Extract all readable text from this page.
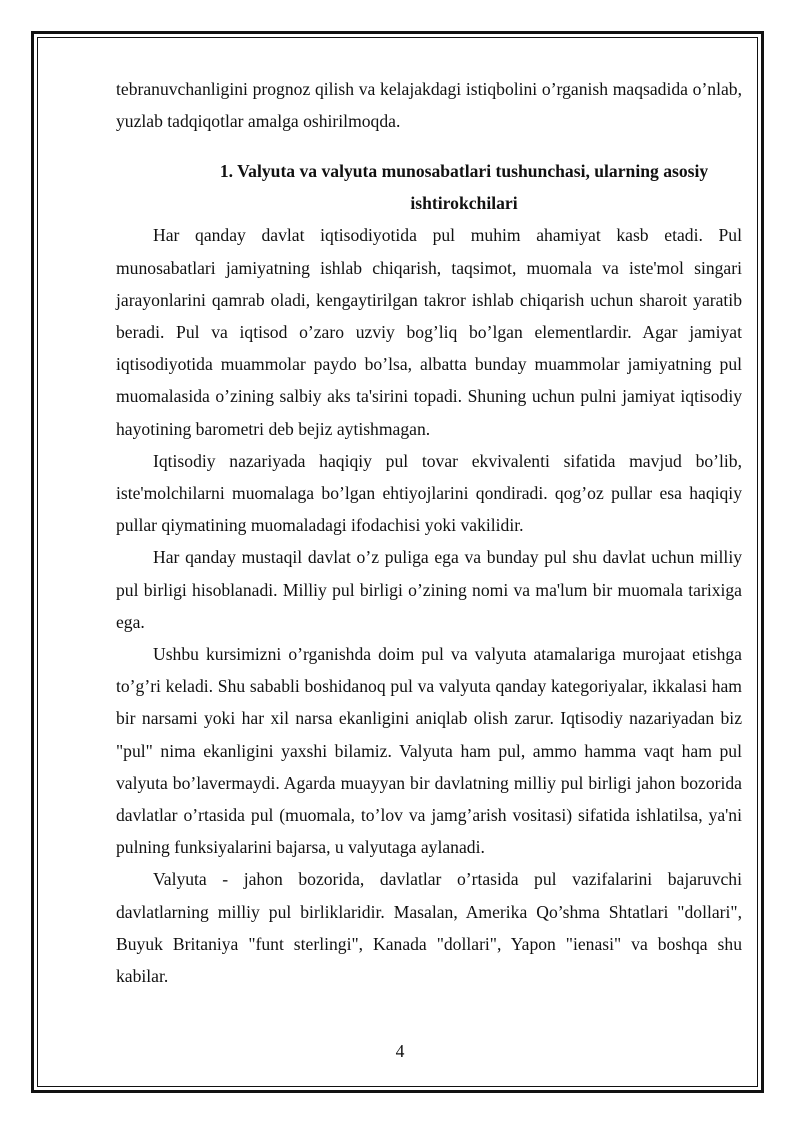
tebranuvchanligini prognoz qilish va kelajakdagi istiqbolini o’rganish maqsadida o’nlab, yuzlab tadqiqotlar amalga oshirilmoqda.

1. Valyuta va valyuta munosabatlari tushunchasi, ularning asosiy ishtirokchilari

Har qanday davlat iqtisodiyotida pul muhim ahamiyat kasb etadi. Pul munosabatlari jamiyatning ishlab chiqarish, taqsimot, muomala va iste'mol singari jarayonlarini qamrab oladi, kengaytirilgan takror ishlab chiqarish uchun sharoit yaratib beradi. Pul va iqtisod o’zaro uzviy bog’liq bo’lgan elementlardir. Agar jamiyat iqtisodiyotida muammolar paydo bo’lsa, albatta bunday muammolar jamiyatning pul muomalasida o’zining salbiy aks ta'sirini topadi. Shuning uchun pulni jamiyat iqtisodiy hayotining barometri deb bejiz aytishmagan.

Iqtisodiy nazariyada haqiqiy pul tovar ekvivalenti sifatida mavjud bo’lib, iste'molchilarni muomalaga bo’lgan ehtiyojlarini qondiradi. qog’oz pullar esa haqiqiy pullar qiymatining muomaladagi ifodachisi yoki vakilidir.

Har qanday mustaqil davlat o’z puliga ega va bunday pul shu davlat uchun milliy pul birligi hisoblanadi. Milliy pul birligi o’zining nomi va ma'lum bir muomala tarixiga ega.

Ushbu kursimizni o’rganishda doim pul va valyuta atamalariga murojaat etishga to’g’ri keladi. Shu sababli boshidanoq pul va valyuta qanday kategoriyalar, ikkalasi ham bir narsami yoki har xil narsa ekanligini aniqlab olish zarur. Iqtisodiy nazariyadan biz "pul" nima ekanligini yaxshi bilamiz. Valyuta ham pul, ammo hamma vaqt ham pul valyuta bo’lavermaydi. Agarda muayyan bir davlatning milliy pul birligi jahon bozorida davlatlar o’rtasida pul (muomala, to’lov va jamg’arish vositasi) sifatida ishlatilsa, ya'ni pulning funksiyalarini bajarsa, u valyutaga aylanadi.

Valyuta - jahon bozorida, davlatlar o’rtasida pul vazifalarini bajaruvchi davlatlarning milliy pul birliklaridir. Masalan, Amerika Qo’shma Shtatlari "dollari", Buyuk Britaniya "funt sterlingi", Kanada "dollari", Yapon "ienasi" va boshqa shu kabilar.

4
